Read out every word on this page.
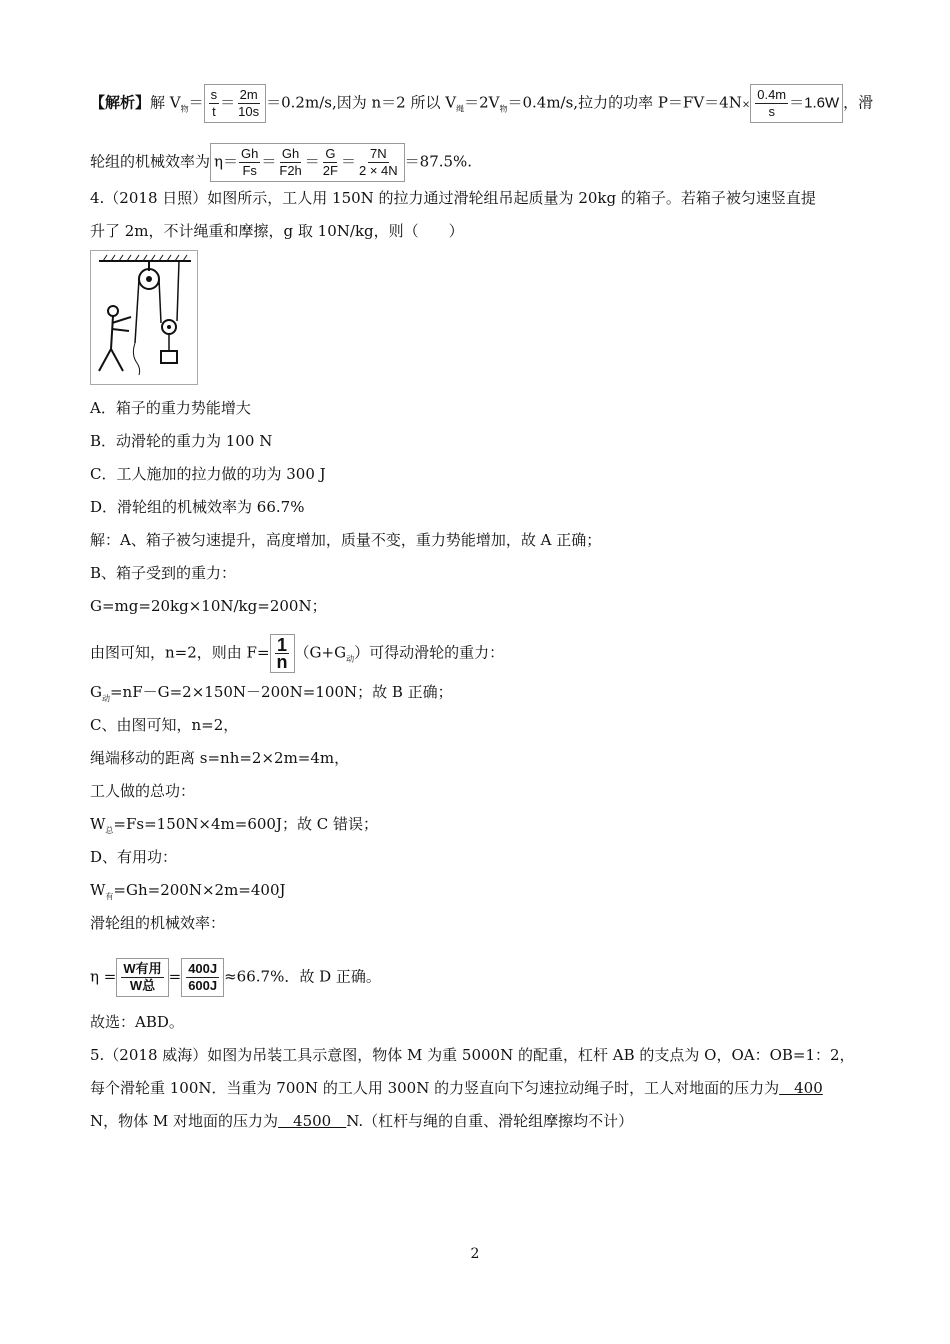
【解析】解 $V_物= \frac{s}{t} = \frac{2m}{10s} =0.2m/s$,因为 n＝2 所以 $V_绳=2V_物=0.4m/s$,拉力的功率 $P=FV=4N\times \frac{0.4m}{s} =1.6W$ ，滑
轮组的机械效率为 $\eta= \frac{Gh}{Fs} = \frac{Gh}{F2h} = \frac{G}{2F} = \frac{7N}{2 \times 4N} =87.5\%$.
4.（2018 日照）如图所示，工人用 150N 的拉力通过滑轮组吊起质量为 20kg 的箱子。若箱子被匀速竖直提
升了 2m，不计绳重和摩擦，g 取 10N/kg，则（　　）
A．箱子的重力势能增大
B．动滑轮的重力为 100 N
C．工人施加的拉力做的功为 300 J
D．滑轮组的机械效率为 66.7%
解：A、箱子被匀速提升，高度增加，质量不变，重力势能增加，故 A 正确；
B、箱子受到的重力：
G=mg=20kg×10N/kg=200N；
由图可知，n=2，则由 $F= \frac{1}{n} (G+G_动)$可得动滑轮的重力：
$G_动=nF-G=2\times 150N-200N=100N$；故 B 正确；
C、由图可知，n=2，
绳端移动的距离 s=nh=2×2m=4m，
工人做的总功：
$W_总=Fs=150N\times 4m=600J$；故 C 错误；
D、有用功：
$W_有=Gh=200N\times 2m=400J$
滑轮组的机械效率：
$\eta = \frac{\text{W有用}}{\text{W总}} = \frac{400J}{600J} \approx 66.7\%$．故 D 正确。
故选：ABD。
5.（2018 威海）如图为吊装工具示意图，物体 M 为重 5000N 的配重，杠杆 AB 的支点为 O，OA：OB=1：2，
每个滑轮重 100N．当重为 700N 的工人用 300N 的力竖直向下匀速拉动绳子时，工人对地面的压力为　400
N，物体 M 对地面的压力为　4500　N.（杠杆与绳的自重、滑轮组摩擦均不计）
2
